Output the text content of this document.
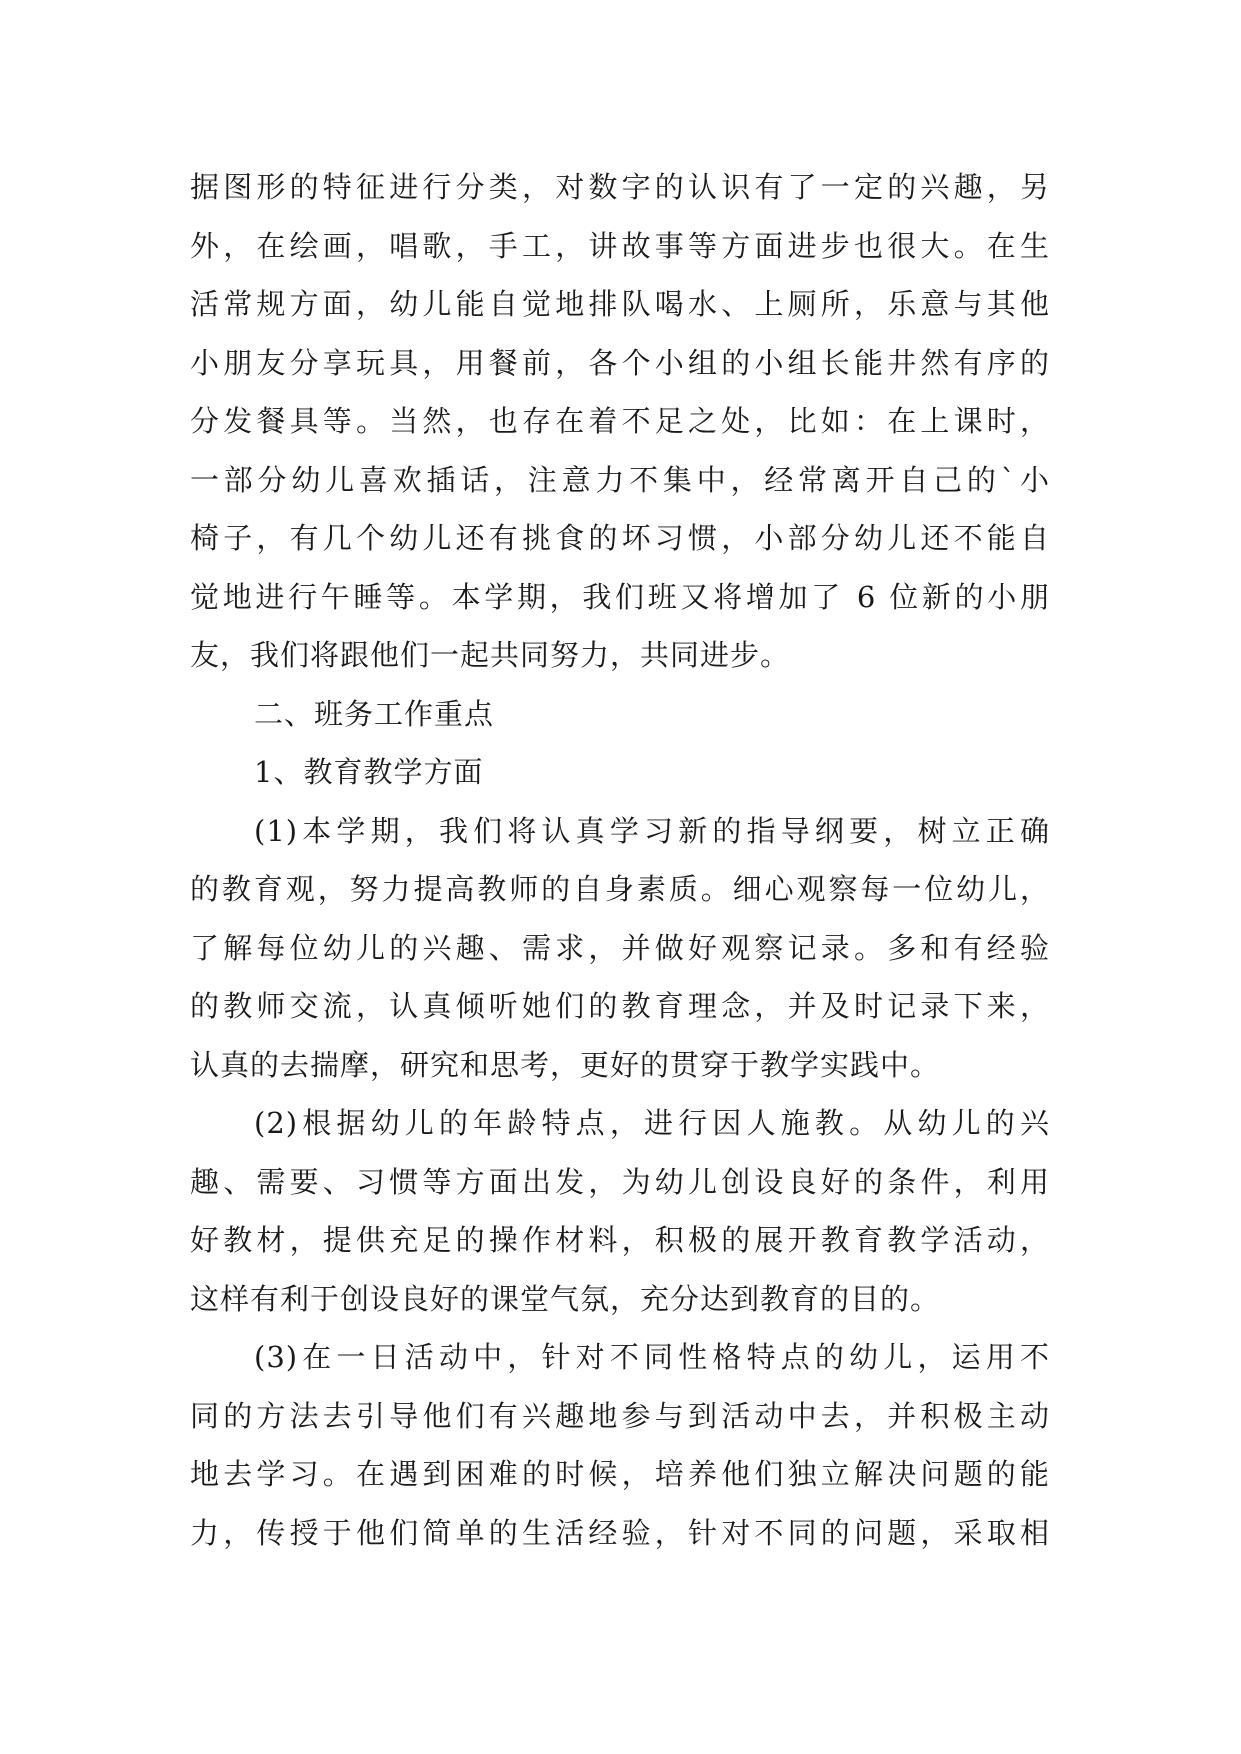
据图形的特征进行分类，对数字的认识有了一定的兴趣，另
外，在绘画，唱歌，手工，讲故事等方面进步也很大。在生
活常规方面，幼儿能自觉地排队喝水、上厕所，乐意与其他
小朋友分享玩具，用餐前，各个小组的小组长能井然有序的
分发餐具等。当然，也存在着不足之处，比如：在上课时，
一部分幼儿喜欢插话，注意力不集中，经常离开自己的`小
椅子，有几个幼儿还有挑食的坏习惯，小部分幼儿还不能自
觉地进行午睡等。本学期，我们班又将增加了 6 位新的小朋
友，我们将跟他们一起共同努力，共同进步。
二、班务工作重点
1、教育教学方面
(1)本学期，我们将认真学习新的指导纲要，树立正确
的教育观，努力提高教师的自身素质。细心观察每一位幼儿，
了解每位幼儿的兴趣、需求，并做好观察记录。多和有经验
的教师交流，认真倾听她们的教育理念，并及时记录下来，
认真的去揣摩，研究和思考，更好的贯穿于教学实践中。
(2)根据幼儿的年龄特点，进行因人施教。从幼儿的兴
趣、需要、习惯等方面出发，为幼儿创设良好的条件，利用
好教材，提供充足的操作材料，积极的展开教育教学活动，
这样有利于创设良好的课堂气氛，充分达到教育的目的。
(3)在一日活动中，针对不同性格特点的幼儿，运用不
同的方法去引导他们有兴趣地参与到活动中去，并积极主动
地去学习。在遇到困难的时候，培养他们独立解决问题的能
力，传授于他们简单的生活经验，针对不同的问题，采取相
